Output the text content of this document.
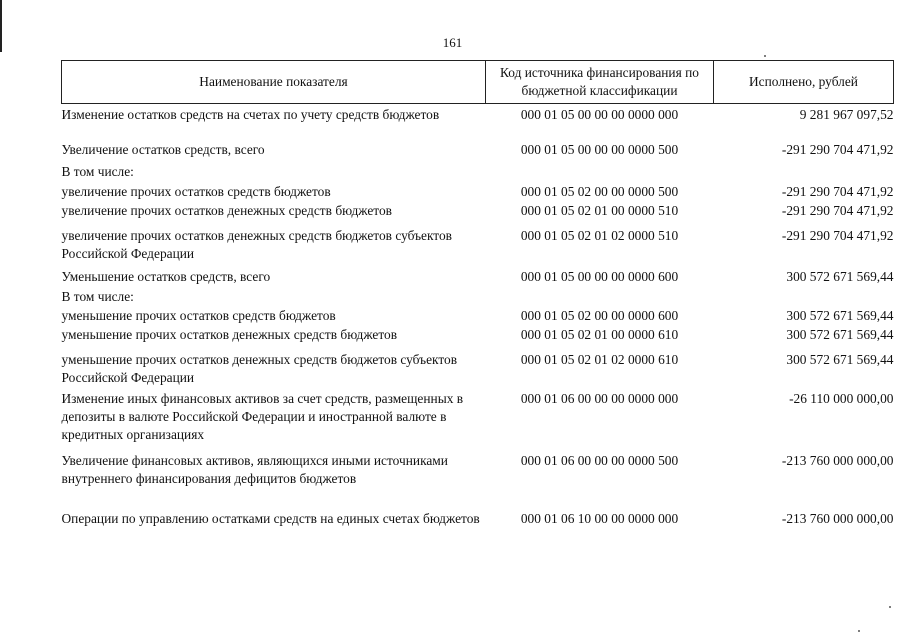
161
Наименование показателя	Код источника финансирования по бюджетной классификации	Исполнено, рублей
Изменение остатков средств на счетах по учету средств бюджетов	000 01 05 00 00 00 0000 000	9 281 967 097,52
Увеличение остатков средств, всего	000 01 05 00 00 00 0000 500	-291 290 704 471,92
В том числе:		
увеличение прочих остатков средств бюджетов	000 01 05 02 00 00 0000 500	-291 290 704 471,92
увеличение прочих остатков денежных средств бюджетов	000 01 05 02 01 00 0000 510	-291 290 704 471,92
увеличение прочих остатков денежных средств бюджетов субъектов Российской Федерации	000 01 05 02 01 02 0000 510	-291 290 704 471,92
Уменьшение остатков средств, всего	000 01 05 00 00 00 0000 600	300 572 671 569,44
В том числе:		
уменьшение прочих остатков средств бюджетов	000 01 05 02 00 00 0000 600	300 572 671 569,44
уменьшение прочих остатков денежных средств бюджетов	000 01 05 02 01 00 0000 610	300 572 671 569,44
уменьшение прочих остатков денежных средств бюджетов субъектов Российской Федерации	000 01 05 02 01 02 0000 610	300 572 671 569,44
Изменение иных финансовых активов за счет средств, размещенных в депозиты в валюте Российской Федерации и иностранной валюте в кредитных организациях	000 01 06 00 00 00 0000 000	-26 110 000 000,00
Увеличение финансовых активов, являющихся иными источниками внутреннего финансирования дефицитов бюджетов	000 01 06 00 00 00 0000 500	-213 760 000 000,00
Операции по управлению остатками средств на единых счетах бюджетов	000 01 06 10 00 00 0000 000	-213 760 000 000,00
